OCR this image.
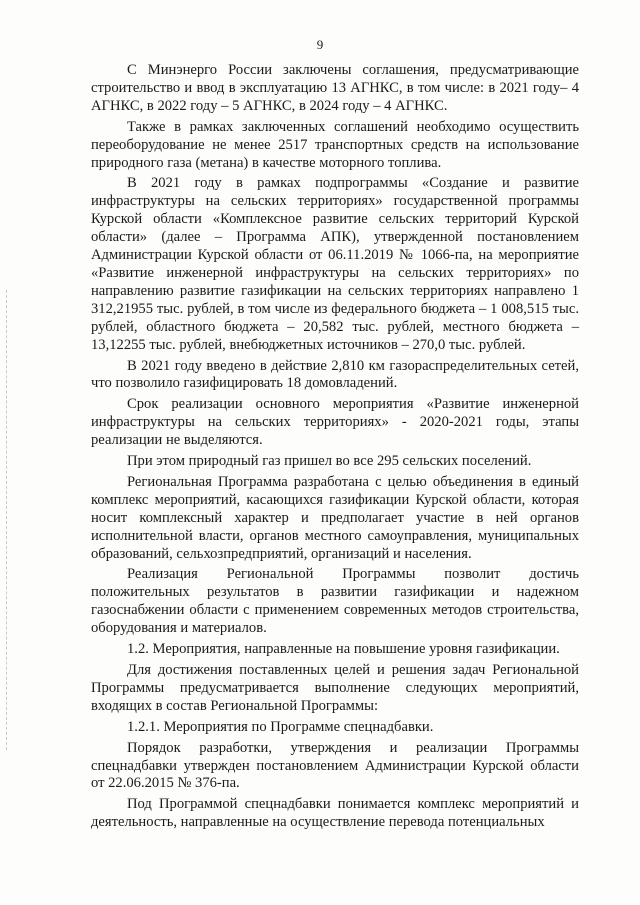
9

С Минэнерго России заключены соглашения, предусматривающие строительство и ввод в эксплуатацию 13 АГНКС, в том числе: в 2021 году– 4 АГНКС, в 2022 году – 5 АГНКС, в 2024 году – 4 АГНКС.

Также в рамках заключенных соглашений необходимо осуществить переоборудование не менее 2517 транспортных средств на использование природного газа (метана) в качестве моторного топлива.

В 2021 году в рамках подпрограммы «Создание и развитие инфраструктуры на сельских территориях» государственной программы Курской области «Комплексное развитие сельских территорий Курской области» (далее – Программа АПК), утвержденной постановлением Администрации Курской области от 06.11.2019 № 1066-па, на мероприятие «Развитие инженерной инфраструктуры на сельских территориях» по направлению развитие газификации на сельских территориях направлено 1 312,21955 тыс. рублей, в том числе из федерального бюджета – 1 008,515 тыс. рублей, областного бюджета – 20,582 тыс. рублей, местного бюджета – 13,12255 тыс. рублей, внебюджетных источников – 270,0 тыс. рублей.

В 2021 году введено в действие 2,810 км газораспределительных сетей, что позволило газифицировать 18 домовладений.

Срок реализации основного мероприятия «Развитие инженерной инфраструктуры на сельских территориях» - 2020-2021 годы, этапы реализации не выделяются.

При этом природный газ пришел во все 295 сельских поселений.

Региональная Программа разработана с целью объединения в единый комплекс мероприятий, касающихся газификации Курской области, которая носит комплексный характер и предполагает участие в ней органов исполнительной власти, органов местного самоуправления, муниципальных образований, сельхозпредприятий, организаций и населения.

Реализация Региональной Программы позволит достичь положительных результатов в развитии газификации и надежном газоснабжении области с применением современных методов строительства, оборудования и материалов.

1.2. Мероприятия, направленные на повышение уровня газификации.

Для достижения поставленных целей и решения задач Региональной Программы предусматривается выполнение следующих мероприятий, входящих в состав Региональной Программы:

1.2.1. Мероприятия по Программе спецнадбавки.

Порядок разработки, утверждения и реализации Программы спецнадбавки утвержден постановлением Администрации Курской области от 22.06.2015 № 376-па.

Под Программой спецнадбавки понимается комплекс мероприятий и деятельность, направленные на осуществление перевода потенциальных
